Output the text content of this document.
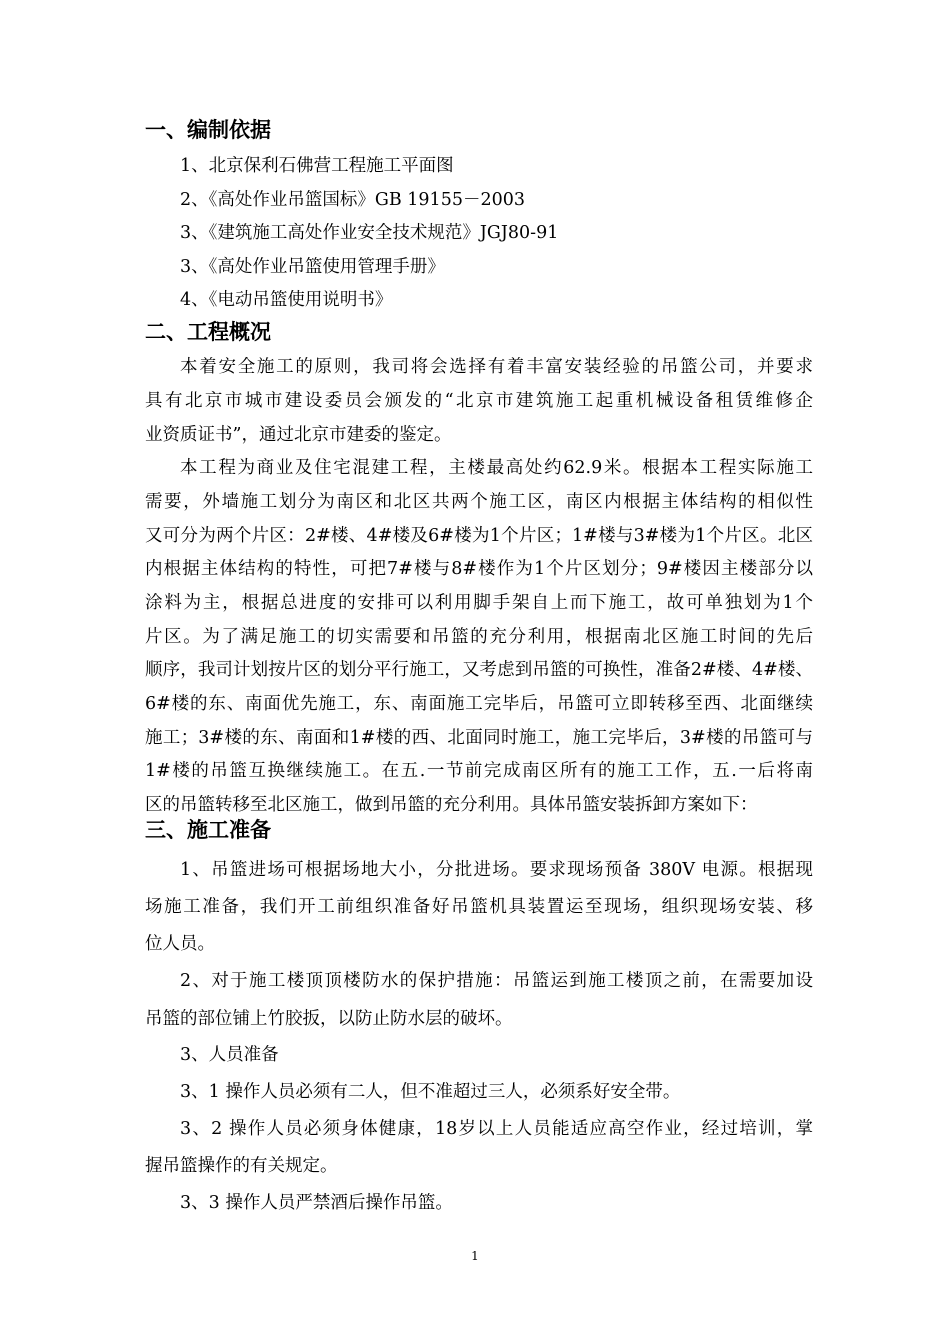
一、编制依据
1、北京保利石佛营工程施工平面图
2、《高处作业吊篮国标》GB 19155－2003
3、《建筑施工高处作业安全技术规范》JGJ80-91
3、《高处作业吊篮使用管理手册》
4、《电动吊篮使用说明书》
二、工程概况
本着安全施工的原则，我司将会选择有着丰富安装经验的吊篮公司，并要求
具有北京市城市建设委员会颁发的“北京市建筑施工起重机械设备租赁维修企
业资质证书”，通过北京市建委的鉴定。
本工程为商业及住宅混建工程，主楼最高处约62.9米。根据本工程实际施工
需要，外墙施工划分为南区和北区共两个施工区，南区内根据主体结构的相似性
又可分为两个片区：2#楼、4#楼及6#楼为1个片区；1#楼与3#楼为1个片区。北区
内根据主体结构的特性，可把7#楼与8#楼作为1个片区划分；9#楼因主楼部分以
涂料为主，根据总进度的安排可以利用脚手架自上而下施工，故可单独划为1个
片区。为了满足施工的切实需要和吊篮的充分利用，根据南北区施工时间的先后
顺序，我司计划按片区的划分平行施工，又考虑到吊篮的可换性，准备2#楼、4#楼、
6#楼的东、南面优先施工，东、南面施工完毕后，吊篮可立即转移至西、北面继续
施工；3#楼的东、南面和1#楼的西、北面同时施工，施工完毕后，3#楼的吊篮可与
1#楼的吊篮互换继续施工。在五.一节前完成南区所有的施工工作，五.一后将南
区的吊篮转移至北区施工，做到吊篮的充分利用。具体吊篮安装拆卸方案如下：
三、施工准备
1、吊篮进场可根据场地大小，分批进场。要求现场预备 380V 电源。根据现
场施工准备，我们开工前组织准备好吊篮机具装置运至现场，组织现场安装、移
位人员。
2、对于施工楼顶顶楼防水的保护措施：吊篮运到施工楼顶之前，在需要加设
吊篮的部位铺上竹胶扳，以防止防水层的破坏。
3、人员准备
3、1 操作人员必须有二人，但不准超过三人，必须系好安全带。
3、2 操作人员必须身体健康，18岁以上人员能适应高空作业，经过培训，掌
握吊篮操作的有关规定。
3、3 操作人员严禁酒后操作吊篮。
1
